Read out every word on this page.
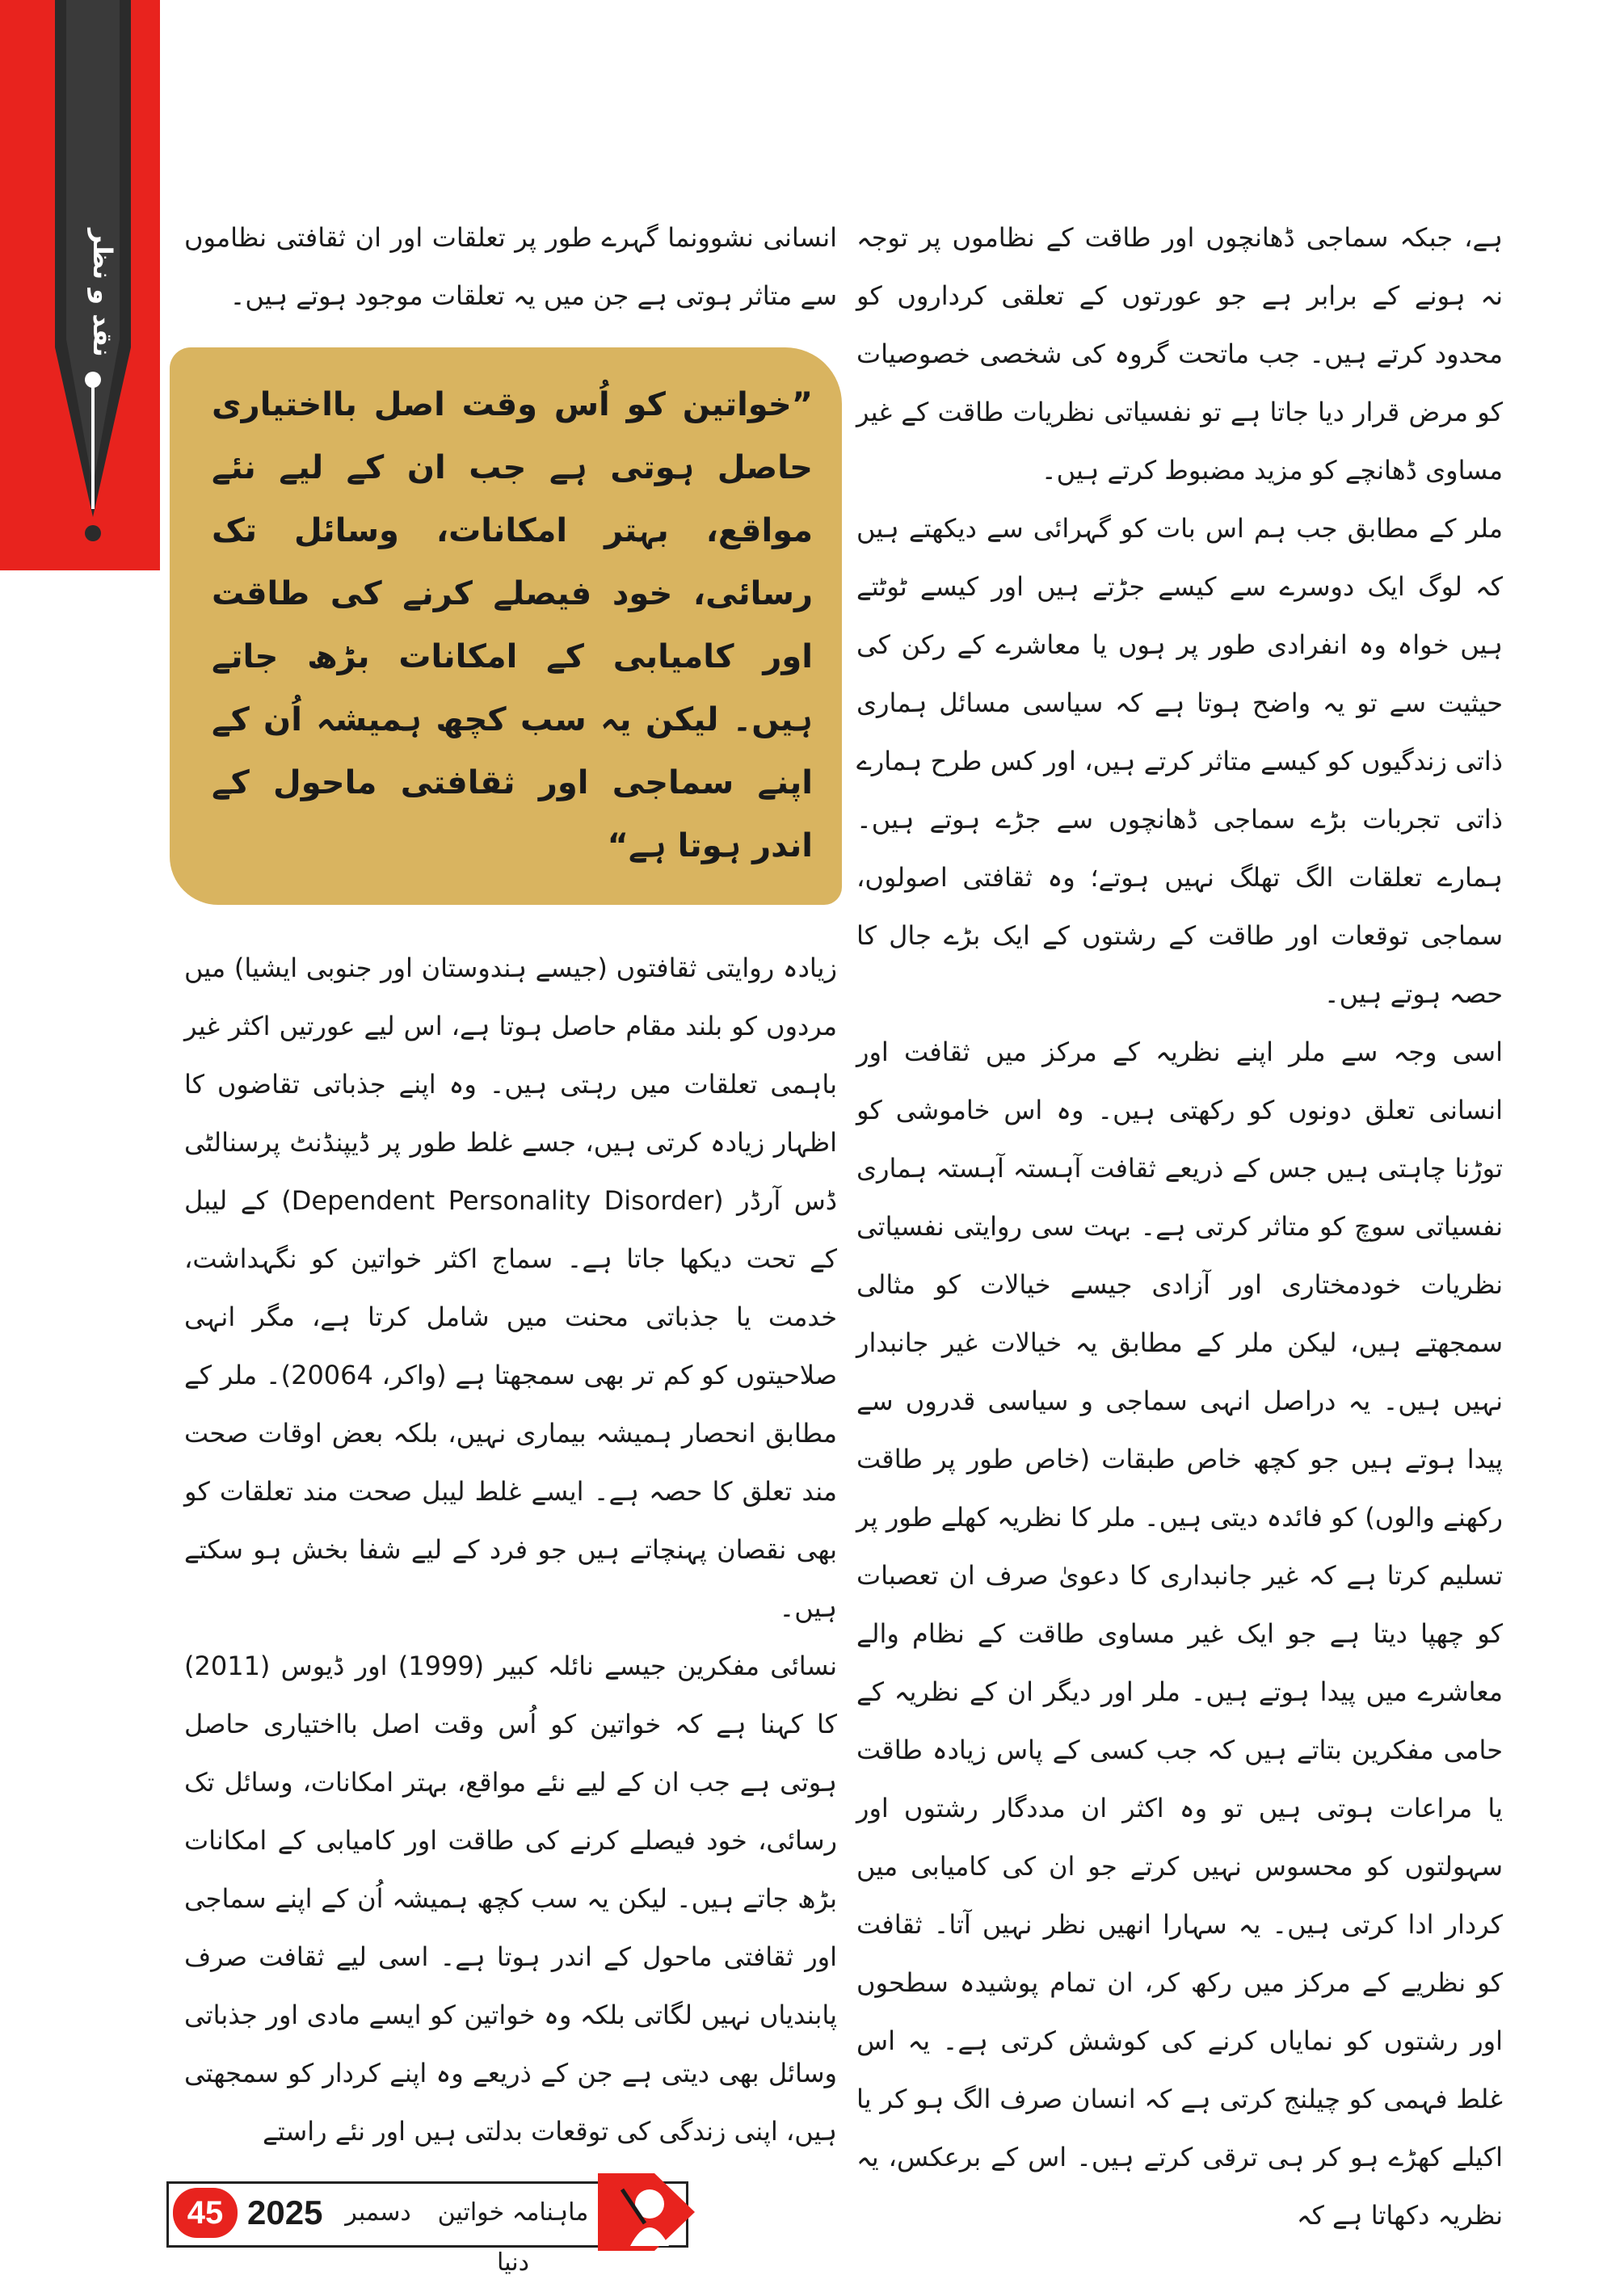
نقد و نظر	ہے، جبکہ سماجی ڈھانچوں اور طاقت کے نظاموں پر توجہ نہ ہونے کے برابر ہے جو عورتوں کے تعلقی کرداروں کو محدود کرتے ہیں۔ جب ماتحت گروہ کی شخصی خصوصیات کو مرض قرار دیا جاتا ہے تو نفسیاتی نظریات طاقت کے غیر مساوی ڈھانچے کو مزید مضبوط کرتے ہیں۔

ملر کے مطابق جب ہم اس بات کو گہرائی سے دیکھتے ہیں کہ لوگ ایک دوسرے سے کیسے جڑتے ہیں اور کیسے ٹوٹتے ہیں خواہ وہ انفرادی طور پر ہوں یا معاشرے کے رکن کی حیثیت سے تو یہ واضح ہوتا ہے کہ سیاسی مسائل ہماری ذاتی زندگیوں کو کیسے متاثر کرتے ہیں، اور کس طرح ہمارے ذاتی تجربات بڑے سماجی ڈھانچوں سے جڑے ہوتے ہیں۔ ہمارے تعلقات الگ تھلگ نہیں ہوتے؛ وہ ثقافتی اصولوں، سماجی توقعات اور طاقت کے رشتوں کے ایک بڑے جال کا حصہ ہوتے ہیں۔

اسی وجہ سے ملر اپنے نظریہ کے مرکز میں ثقافت اور انسانی تعلق دونوں کو رکھتی ہیں۔ وہ اس خاموشی کو توڑنا چاہتی ہیں جس کے ذریعے ثقافت آہستہ آہستہ ہماری نفسیاتی سوچ کو متاثر کرتی ہے۔ بہت سی روایتی نفسیاتی نظریات خودمختاری اور آزادی جیسے خیالات کو مثالی سمجھتے ہیں، لیکن ملر کے مطابق یہ خیالات غیر جانبدار نہیں ہیں۔ یہ دراصل انہی سماجی و سیاسی قدروں سے پیدا ہوتے ہیں جو کچھ خاص طبقات (خاص طور پر طاقت رکھنے والوں) کو فائدہ دیتی ہیں۔ ملر کا نظریہ کھلے طور پر تسلیم کرتا ہے کہ غیر جانبداری کا دعویٰ صرف ان تعصبات کو چھپا دیتا ہے جو ایک غیر مساوی طاقت کے نظام والے معاشرے میں پیدا ہوتے ہیں۔ ملر اور دیگر ان کے نظریہ کے حامی مفکرین بتاتے ہیں کہ جب کسی کے پاس زیادہ طاقت یا مراعات ہوتی ہیں تو وہ اکثر ان مددگار رشتوں اور سہولتوں کو محسوس نہیں کرتے جو ان کی کامیابی میں کردار ادا کرتی ہیں۔ یہ سہارا انھیں نظر نہیں آتا۔ ثقافت کو نظریے کے مرکز میں رکھ کر، ان تمام پوشیدہ سطحوں اور رشتوں کو نمایاں کرنے کی کوشش کرتی ہے۔ یہ اس غلط فہمی کو چیلنج کرتی ہے کہ انسان صرف الگ ہو کر یا اکیلے کھڑے ہو کر ہی ترقی کرتے ہیں۔ اس کے برعکس، یہ نظریہ دکھاتا ہے کہ

انسانی نشوونما گہرے طور پر تعلقات اور ان ثقافتی نظاموں سے متاثر ہوتی ہے جن میں یہ تعلقات موجود ہوتے ہیں۔

”خواتین کو اُس وقت اصل بااختیاری حاصل ہوتی ہے جب ان کے لیے نئے مواقع، بہتر امکانات، وسائل تک رسائی، خود فیصلے کرنے کی طاقت اور کامیابی کے امکانات بڑھ جاتے ہیں۔ لیکن یہ سب کچھ ہمیشہ اُن کے اپنے سماجی اور ثقافتی ماحول کے اندر ہوتا ہے“

زیادہ روایتی ثقافتوں (جیسے ہندوستان اور جنوبی ایشیا) میں مردوں کو بلند مقام حاصل ہوتا ہے، اس لیے عورتیں اکثر غیر باہمی تعلقات میں رہتی ہیں۔ وہ اپنے جذباتی تقاضوں کا اظہار زیادہ کرتی ہیں، جسے غلط طور پر ڈیپنڈنٹ پرسنالٹی ڈس آرڈر (Dependent Personality Disorder) کے لیبل کے تحت دیکھا جاتا ہے۔ سماج اکثر خواتین کو نگہداشت، خدمت یا جذباتی محنت میں شامل کرتا ہے، مگر انہی صلاحیتوں کو کم تر بھی سمجھتا ہے (واکر، 20064)۔ ملر کے مطابق انحصار ہمیشہ بیماری نہیں، بلکہ بعض اوقات صحت مند تعلق کا حصہ ہے۔ ایسے غلط لیبل صحت مند تعلقات کو بھی نقصان پہنچاتے ہیں جو فرد کے لیے شفا بخش ہو سکتے ہیں۔

نسائی مفکرین جیسے نائلہ کبیر (1999) اور ڈیوس (2011) کا کہنا ہے کہ خواتین کو اُس وقت اصل بااختیاری حاصل ہوتی ہے جب ان کے لیے نئے مواقع، بہتر امکانات، وسائل تک رسائی، خود فیصلے کرنے کی طاقت اور کامیابی کے امکانات بڑھ جاتے ہیں۔ لیکن یہ سب کچھ ہمیشہ اُن کے اپنے سماجی اور ثقافتی ماحول کے اندر ہوتا ہے۔ اسی لیے ثقافت صرف پابندیاں نہیں لگاتی بلکہ وہ خواتین کو ایسے مادی اور جذباتی وسائل بھی دیتی ہے جن کے ذریعے وہ اپنے کردار کو سمجھتی ہیں، اپنی زندگی کی توقعات بدلتی ہیں اور نئے راستے

45 2025 دسمبر	ماہنامہ خواتین دنیا
